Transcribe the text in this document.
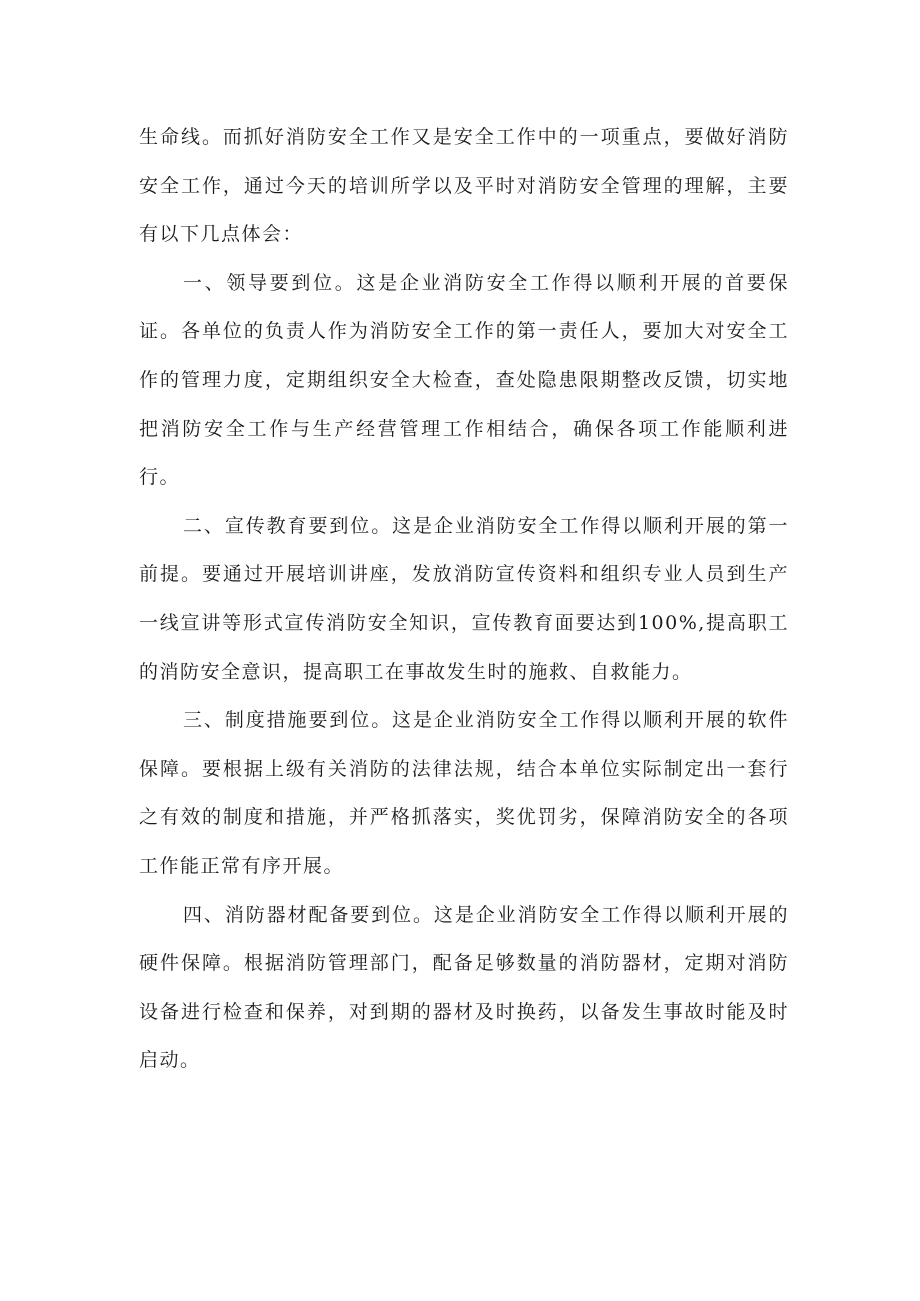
生命线。而抓好消防安全工作又是安全工作中的一项重点，要做好消防安全工作，通过今天的培训所学以及平时对消防安全管理的理解，主要有以下几点体会：

一、领导要到位。这是企业消防安全工作得以顺利开展的首要保证。各单位的负责人作为消防安全工作的第一责任人，要加大对安全工作的管理力度，定期组织安全大检查，查处隐患限期整改反馈，切实地把消防安全工作与生产经营管理工作相结合，确保各项工作能顺利进行。

二、宣传教育要到位。这是企业消防安全工作得以顺利开展的第一前提。要通过开展培训讲座，发放消防宣传资料和组织专业人员到生产一线宣讲等形式宣传消防安全知识，宣传教育面要达到100%,提高职工的消防安全意识，提高职工在事故发生时的施救、自救能力。

三、制度措施要到位。这是企业消防安全工作得以顺利开展的软件保障。要根据上级有关消防的法律法规，结合本单位实际制定出一套行之有效的制度和措施，并严格抓落实，奖优罚劣，保障消防安全的各项工作能正常有序开展。

四、消防器材配备要到位。这是企业消防安全工作得以顺利开展的硬件保障。根据消防管理部门，配备足够数量的消防器材，定期对消防设备进行检查和保养，对到期的器材及时换药，以备发生事故时能及时启动。
